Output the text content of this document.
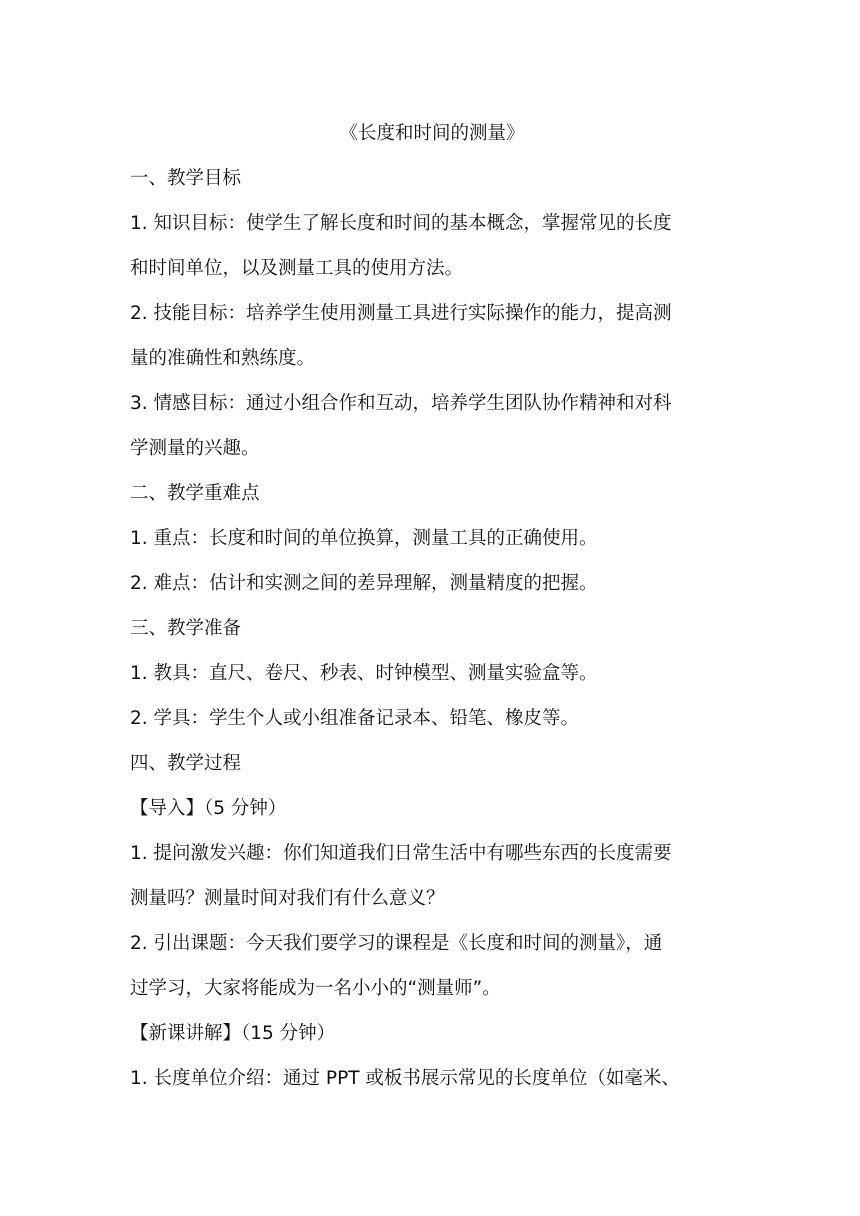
《长度和时间的测量》
一、教学目标
1. 知识目标：使学生了解长度和时间的基本概念，掌握常见的长度
和时间单位，以及测量工具的使用方法。
2. 技能目标：培养学生使用测量工具进行实际操作的能力，提高测
量的准确性和熟练度。
3. 情感目标：通过小组合作和互动，培养学生团队协作精神和对科
学测量的兴趣。
二、教学重难点
1. 重点：长度和时间的单位换算，测量工具的正确使用。
2. 难点：估计和实测之间的差异理解，测量精度的把握。
三、教学准备
1. 教具：直尺、卷尺、秒表、时钟模型、测量实验盒等。
2. 学具：学生个人或小组准备记录本、铅笔、橡皮等。
四、教学过程
【导入】（5 分钟）
1. 提问激发兴趣：你们知道我们日常生活中有哪些东西的长度需要
测量吗？测量时间对我们有什么意义？
2. 引出课题：今天我们要学习的课程是《长度和时间的测量》，通
过学习，大家将能成为一名小小的“测量师”。
【新课讲解】（15 分钟）
1. 长度单位介绍：通过 PPT 或板书展示常见的长度单位（如毫米、
